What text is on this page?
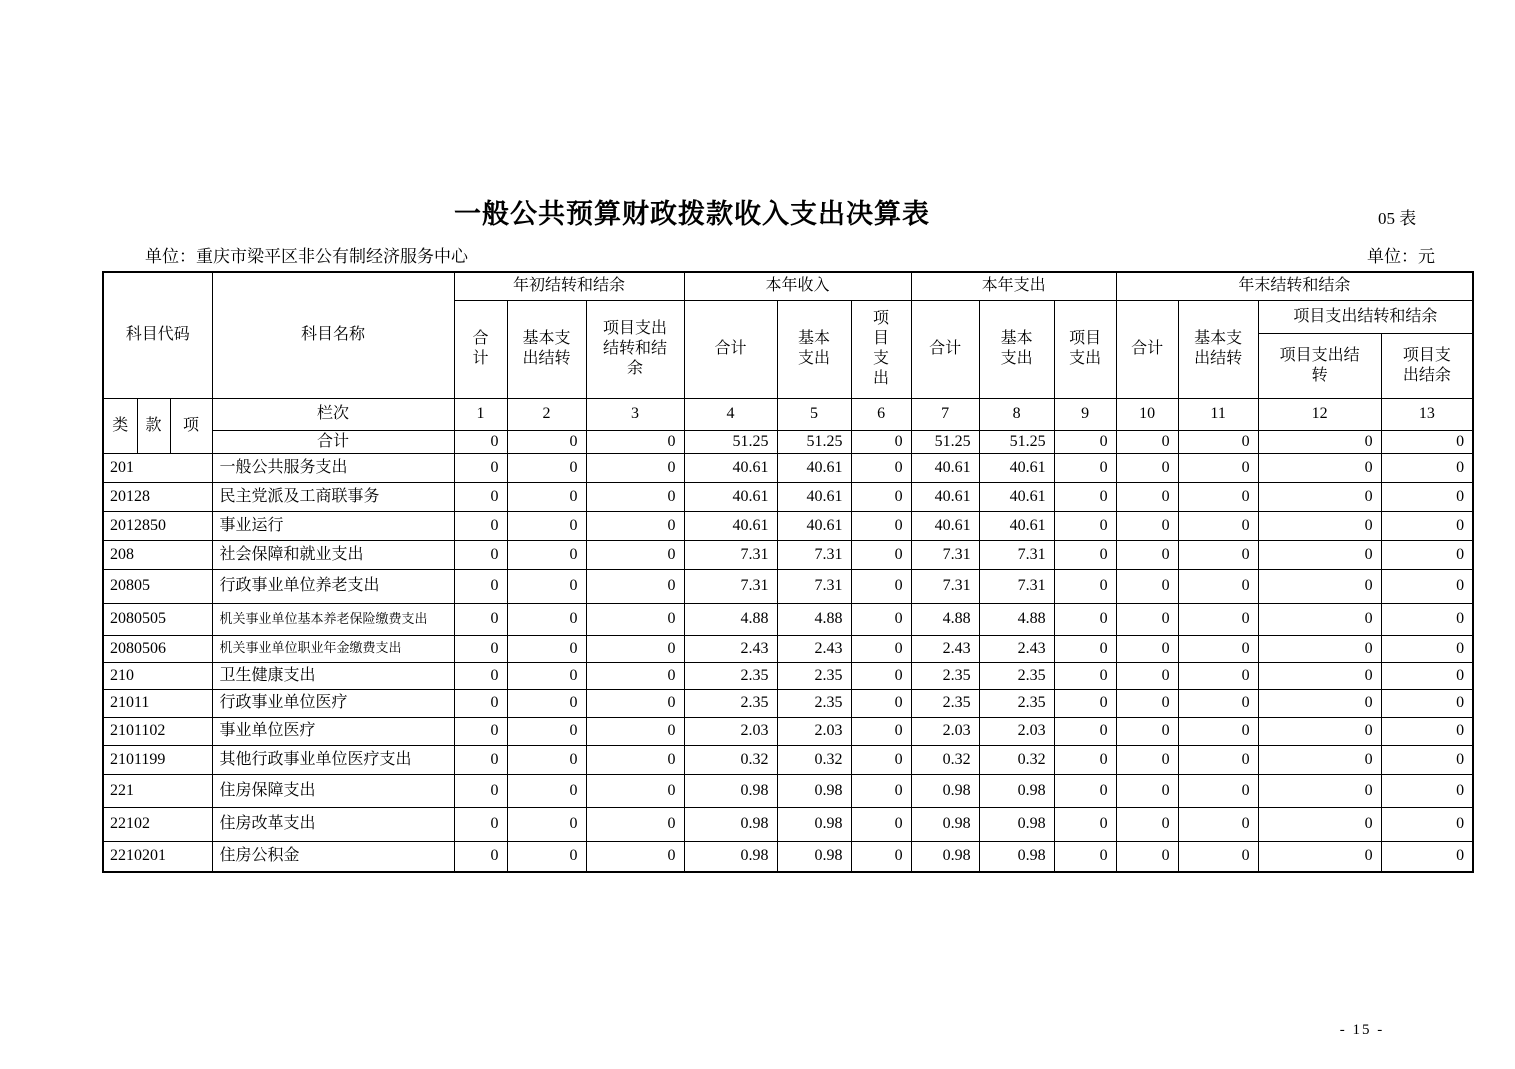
一般公共预算财政拨款收入支出决算表	05 表
单位：重庆市梁平区非公有制经济服务中心	单位：元
科目代码			科目名称	年初结转和结余			本年收入			本年支出			年末结转和结余			
				合计	基本支出结转	项目支出结转和结余	合计	基本支出	项目支出	合计	基本支出	项目支出	合计	基本支出结转	项目支出结转和结余	
															项目支出结转	项目支出结余
类	款	项	栏次	1	2	3	4	5	6	7	8	9	10	11	12	13
			合计	0	0	0	51.25	51.25	0	51.25	51.25	0	0	0	0	0
201			一般公共服务支出	0	0	0	40.61	40.61	0	40.61	40.61	0	0	0	0	0
20128			民主党派及工商联事务	0	0	0	40.61	40.61	0	40.61	40.61	0	0	0	0	0
2012850			事业运行	0	0	0	40.61	40.61	0	40.61	40.61	0	0	0	0	0
208			社会保障和就业支出	0	0	0	7.31	7.31	0	7.31	7.31	0	0	0	0	0
20805			行政事业单位养老支出	0	0	0	7.31	7.31	0	7.31	7.31	0	0	0	0	0
2080505			机关事业单位基本养老保险缴费支出	0	0	0	4.88	4.88	0	4.88	4.88	0	0	0	0	0
2080506			机关事业单位职业年金缴费支出	0	0	0	2.43	2.43	0	2.43	2.43	0	0	0	0	0
210			卫生健康支出	0	0	0	2.35	2.35	0	2.35	2.35	0	0	0	0	0
21011			行政事业单位医疗	0	0	0	2.35	2.35	0	2.35	2.35	0	0	0	0	0
2101102			事业单位医疗	0	0	0	2.03	2.03	0	2.03	2.03	0	0	0	0	0
2101199			其他行政事业单位医疗支出	0	0	0	0.32	0.32	0	0.32	0.32	0	0	0	0	0
221			住房保障支出	0	0	0	0.98	0.98	0	0.98	0.98	0	0	0	0	0
22102			住房改革支出	0	0	0	0.98	0.98	0	0.98	0.98	0	0	0	0	0
2210201			住房公积金	0	0	0	0.98	0.98	0	0.98	0.98	0	0	0	0	0
- 15 -
